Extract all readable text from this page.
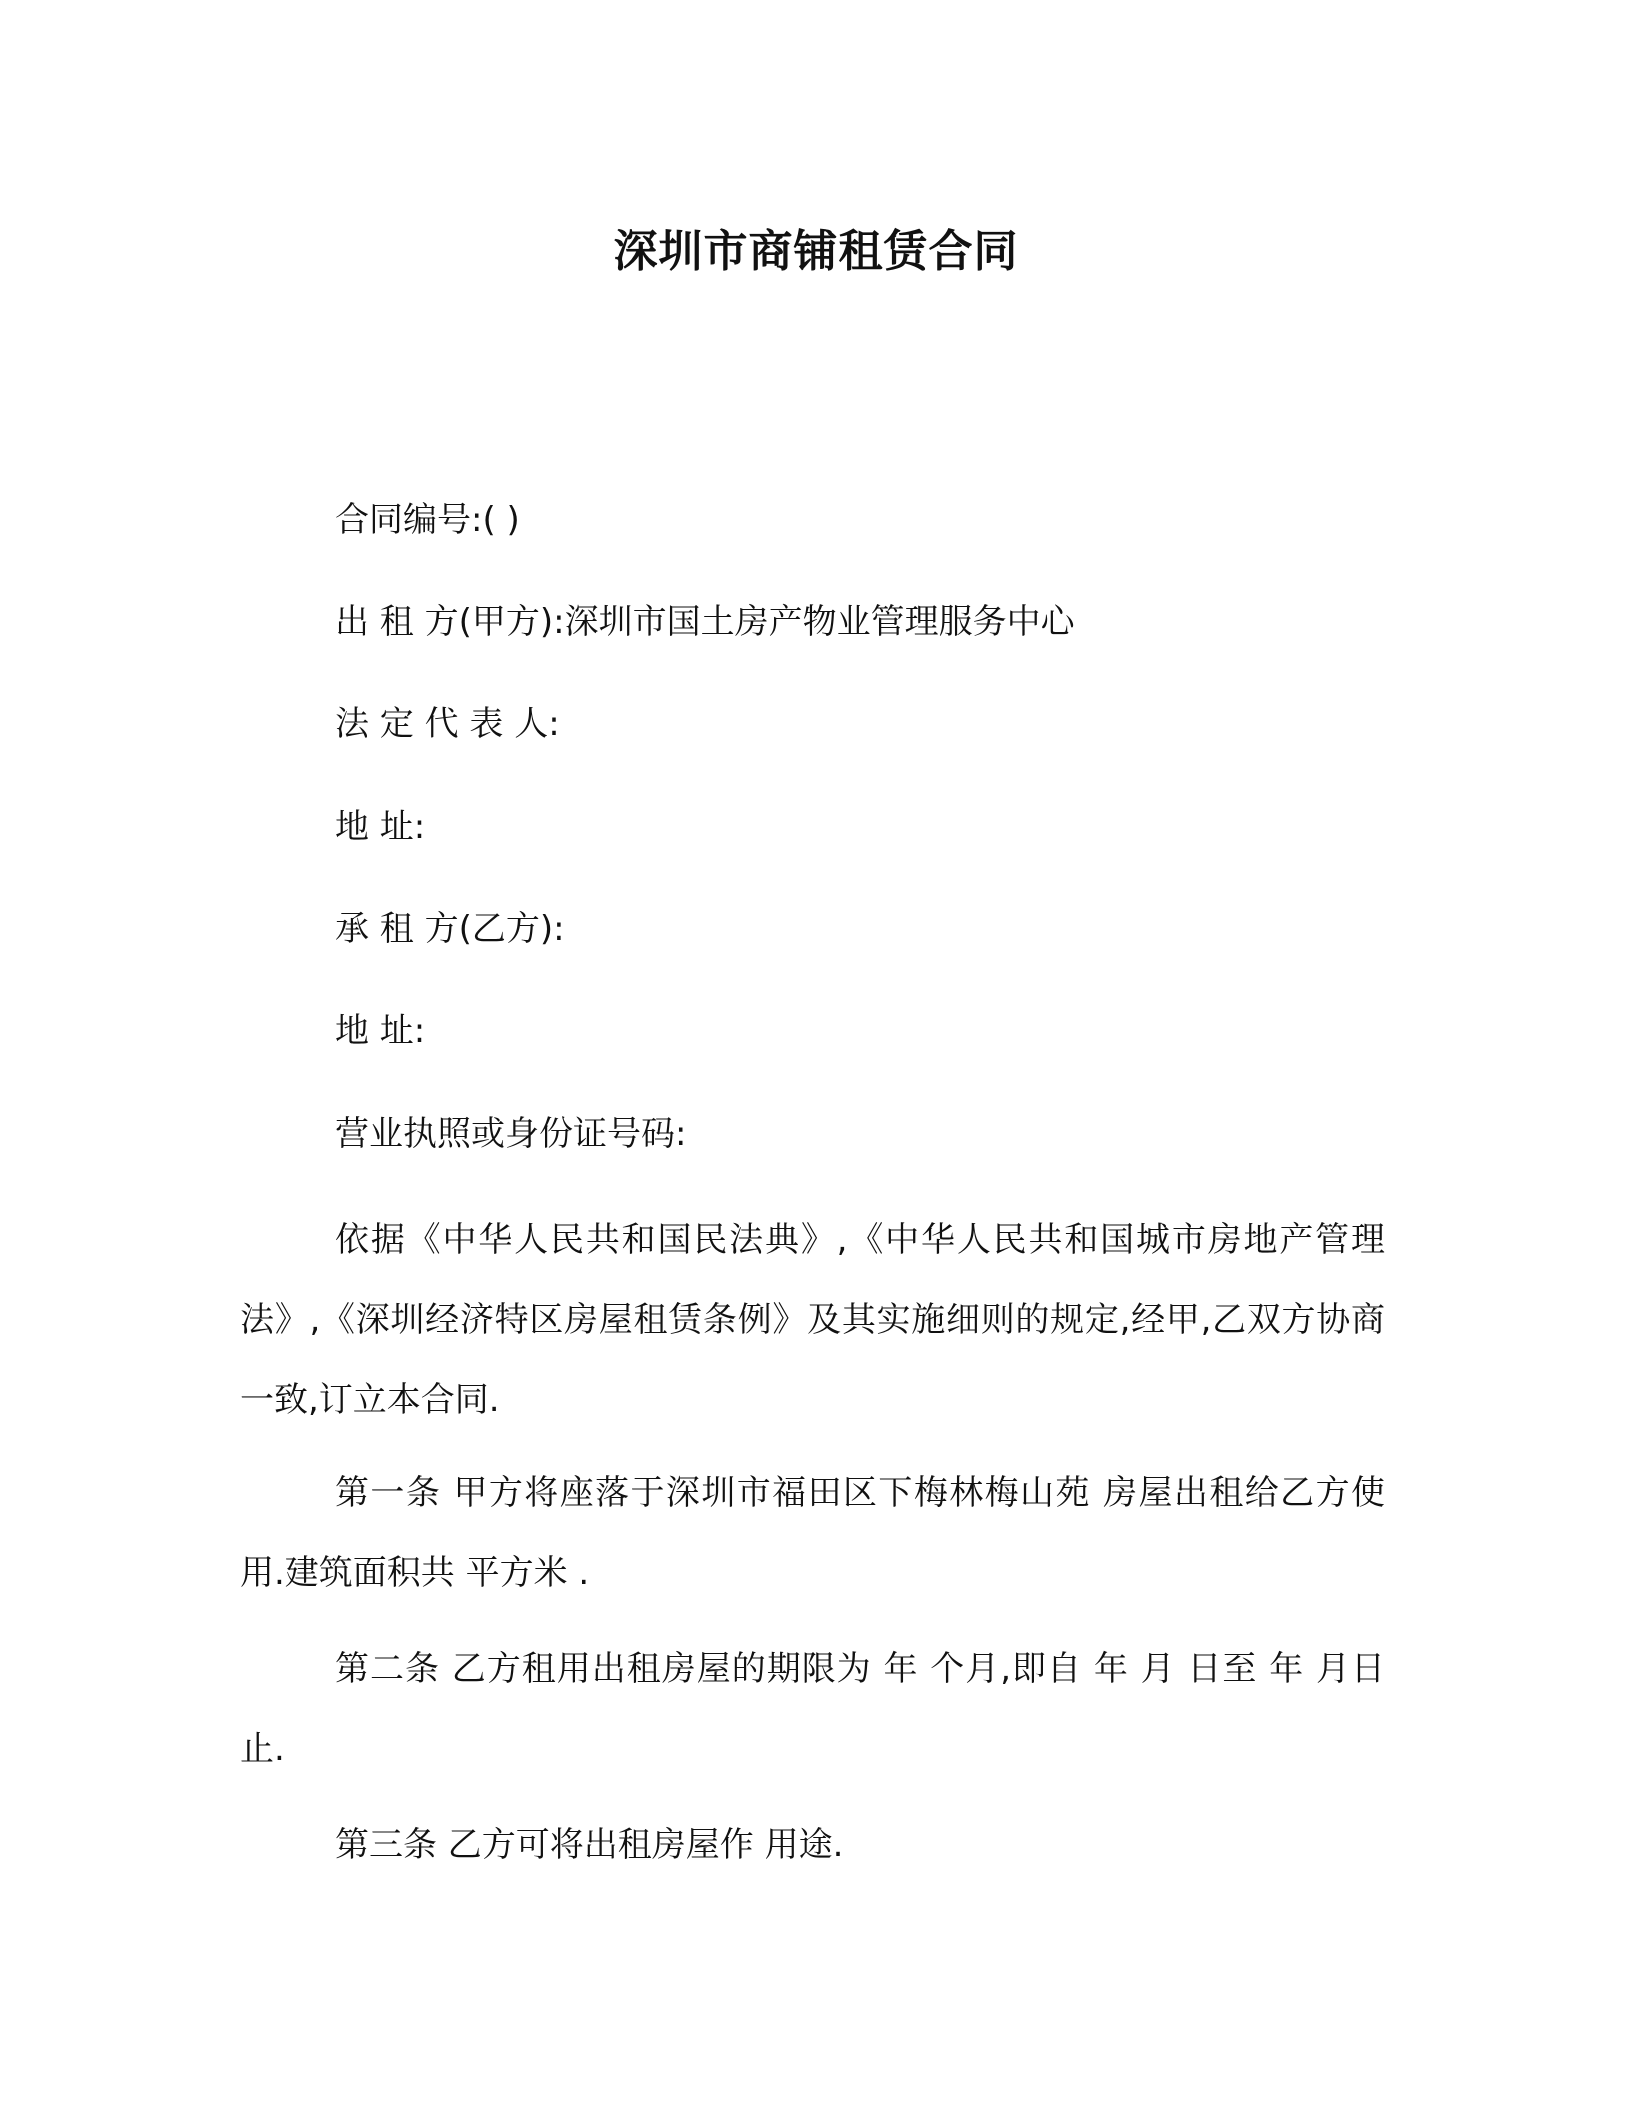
深圳市商铺租赁合同
合同编号:( )
出 租 方(甲方):深圳市国土房产物业管理服务中心
法 定 代 表 人:
地 址:
承 租 方(乙方):
地 址:
营业执照或身份证号码:
依据《中华人民共和国民法典》,《中华人民共和国城市房地产管理法》,《深圳经济特区房屋租赁条例》及其实施细则的规定,经甲,乙双方协商一致,订立本合同.
第一条 甲方将座落于深圳市福田区下梅林梅山苑 房屋出租给乙方使用.建筑面积共 平方米 .
第二条 乙方租用出租房屋的期限为 年 个月,即自 年 月 日至 年 月日止.
第三条 乙方可将出租房屋作 用途.
